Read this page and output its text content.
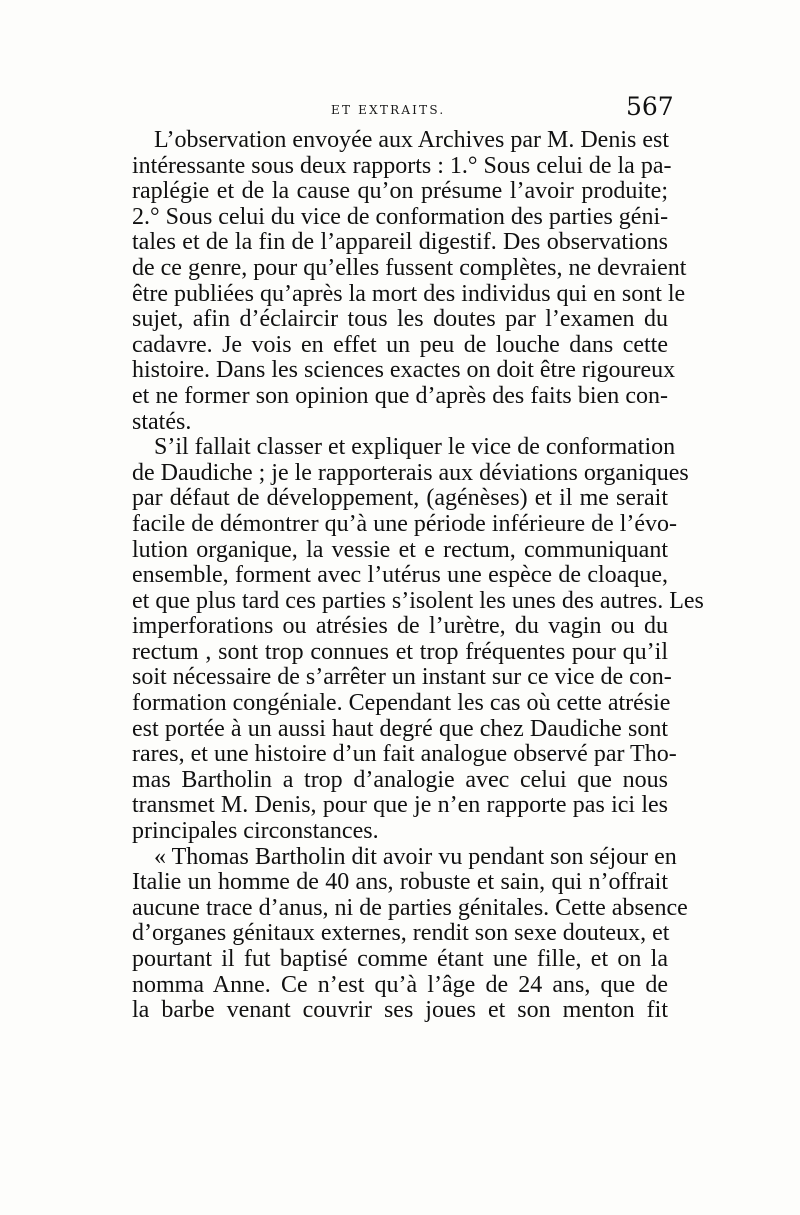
ET EXTRAITS.	567
L’observation envoyée aux Archives par M. Denis est
intéressante sous deux rapports : 1.° Sous celui de la pa-
raplégie et de la cause qu’on présume l’avoir produite;
2.° Sous celui du vice de conformation des parties géni-
tales et de la fin de l’appareil digestif. Des observations
de ce genre, pour qu’elles fussent complètes, ne devraient
être publiées qu’après la mort des individus qui en sont le
sujet, afin d’éclaircir tous les doutes par l’examen du
cadavre. Je vois en effet un peu de louche dans cette
histoire. Dans les sciences exactes on doit être rigoureux
et ne former son opinion que d’après des faits bien con-
statés.
S’il fallait classer et expliquer le vice de conformation
de Daudiche ; je le rapporterais aux déviations organiques
par défaut de développement, (agénèses) et il me serait
facile de démontrer qu’à une période inférieure de l’évo-
lution organique, la vessie et e rectum, communiquant
ensemble, forment avec l’utérus une espèce de cloaque,
et que plus tard ces parties s’isolent les unes des autres. Les
imperforations ou atrésies de l’urètre, du vagin ou du
rectum , sont trop connues et trop fréquentes pour qu’il
soit nécessaire de s’arrêter un instant sur ce vice de con-
formation congéniale. Cependant les cas où cette atrésie
est portée à un aussi haut degré que chez Daudiche sont
rares, et une histoire d’un fait analogue observé par Tho-
mas Bartholin a trop d’analogie avec celui que nous
transmet M. Denis, pour que je n’en rapporte pas ici les
principales circonstances.
« Thomas Bartholin dit avoir vu pendant son séjour en
Italie un homme de 40 ans, robuste et sain, qui n’offrait
aucune trace d’anus, ni de parties génitales. Cette absence
d’organes génitaux externes, rendit son sexe douteux, et
pourtant il fut baptisé comme étant une fille, et on la
nomma Anne. Ce n’est qu’à l’âge de 24 ans, que de
la barbe venant couvrir ses joues et son menton fit
